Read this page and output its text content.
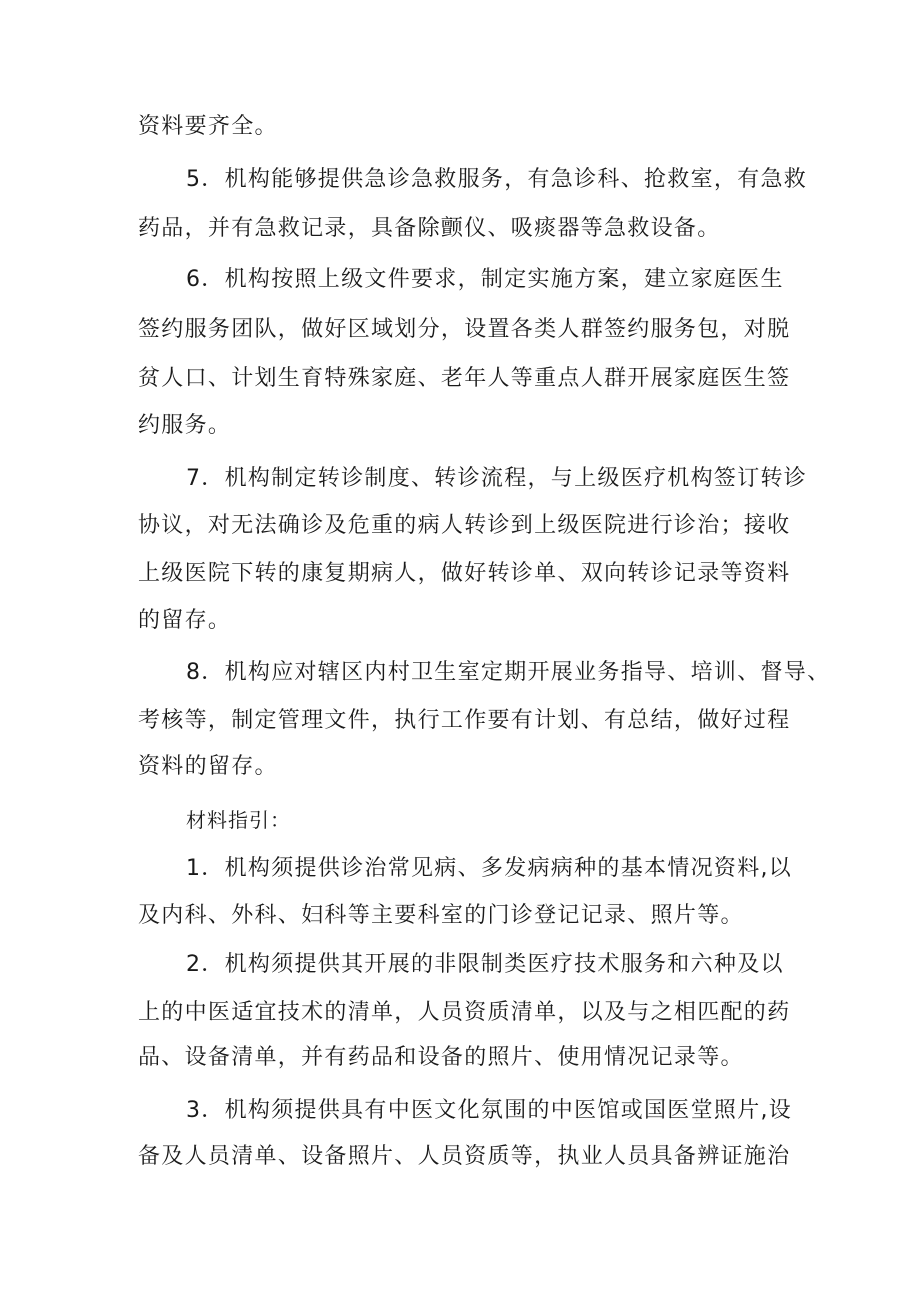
资料要齐全。
5．机构能够提供急诊急救服务，有急诊科、抢救室，有急救
药品，并有急救记录，具备除颤仪、吸痰器等急救设备。
6．机构按照上级文件要求，制定实施方案，建立家庭医生
签约服务团队，做好区域划分，设置各类人群签约服务包，对脱
贫人口、计划生育特殊家庭、老年人等重点人群开展家庭医生签
约服务。
7．机构制定转诊制度、转诊流程，与上级医疗机构签订转诊
协议，对无法确诊及危重的病人转诊到上级医院进行诊治；接收
上级医院下转的康复期病人，做好转诊单、双向转诊记录等资料
的留存。
8．机构应对辖区内村卫生室定期开展业务指导、培训、督导、
考核等，制定管理文件，执行工作要有计划、有总结，做好过程
资料的留存。
材料指引：
1．机构须提供诊治常见病、多发病病种的基本情况资料,以
及内科、外科、妇科等主要科室的门诊登记记录、照片等。
2．机构须提供其开展的非限制类医疗技术服务和六种及以
上的中医适宜技术的清单，人员资质清单，以及与之相匹配的药
品、设备清单，并有药品和设备的照片、使用情况记录等。
3．机构须提供具有中医文化氛围的中医馆或国医堂照片,设
备及人员清单、设备照片、人员资质等，执业人员具备辨证施治
